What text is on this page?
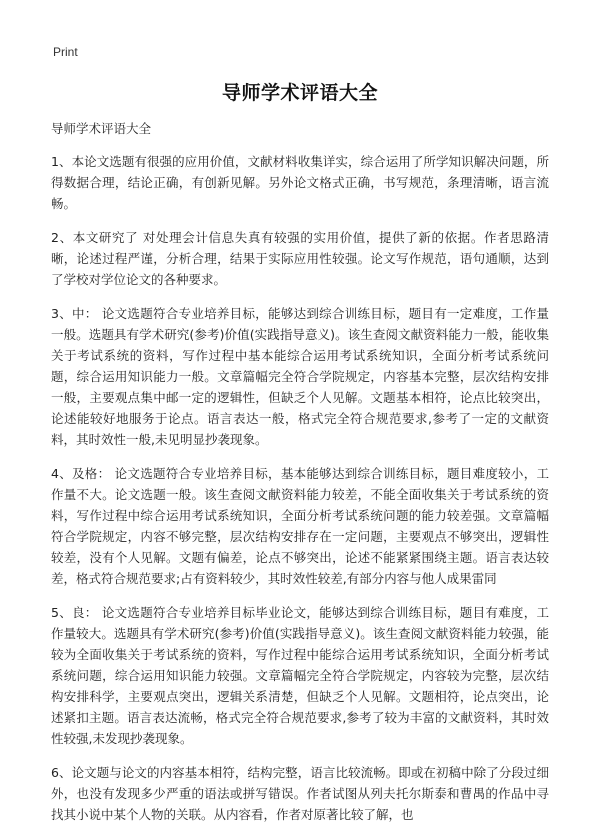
Print
导师学术评语大全
导师学术评语大全

1、本论文选题有很强的应用价值，文献材料收集详实，综合运用了所学知识解决问题，所得数据合理，结论正确，有创新见解。另外论文格式正确，书写规范，条理清晰，语言流畅。

2、本文研究了 对处理会计信息失真有较强的实用价值，提供了新的依据。作者思路清晰，论述过程严谨，分析合理，结果于实际应用性较强。论文写作规范，语句通顺，达到了学校对学位论文的各种要求。

3、中： 论文选题符合专业培养目标，能够达到综合训练目标，题目有一定难度，工作量一般。选题具有学术研究(参考)价值(实践指导意义)。该生查阅文献资料能力一般，能收集关于考试系统的资料，写作过程中基本能综合运用考试系统知识，全面分析考试系统问题，综合运用知识能力一般。文章篇幅完全符合学院规定，内容基本完整，层次结构安排一般，主要观点集中邮一定的逻辑性，但缺乏个人见解。文题基本相符，论点比较突出，论述能较好地服务于论点。语言表达一般，格式完全符合规范要求,参考了一定的文献资料，其时效性一般,未见明显抄袭现象。

4、及格： 论文选题符合专业培养目标，基本能够达到综合训练目标，题目难度较小，工作量不大。论文选题一般。该生查阅文献资料能力较差，不能全面收集关于考试系统的资料，写作过程中综合运用考试系统知识，全面分析考试系统问题的能力较差强。文章篇幅符合学院规定，内容不够完整，层次结构安排存在一定问题，主要观点不够突出，逻辑性较差，没有个人见解。文题有偏差，论点不够突出，论述不能紧紧围绕主题。语言表达较差，格式符合规范要求;占有资料较少，其时效性较差,有部分内容与他人成果雷同

5、良： 论文选题符合专业培养目标毕业论文，能够达到综合训练目标，题目有难度，工作量较大。选题具有学术研究(参考)价值(实践指导意义)。该生查阅文献资料能力较强，能较为全面收集关于考试系统的资料，写作过程中能综合运用考试系统知识，全面分析考试系统问题，综合运用知识能力较强。文章篇幅完全符合学院规定，内容较为完整，层次结构安排科学，主要观点突出，逻辑关系清楚，但缺乏个人见解。文题相符，论点突出，论述紧扣主题。语言表达流畅，格式完全符合规范要求,参考了较为丰富的文献资料，其时效性较强,未发现抄袭现象。

6、论文题与论文的内容基本相符，结构完整，语言比较流畅。即或在初稿中除了分段过细外，也没有发现多少严重的语法或拼写错误。作者试图从列夫托尔斯泰和曹禺的作品中寻找其小说中某个人物的关联。从内容看，作者对原著比较了解，也
